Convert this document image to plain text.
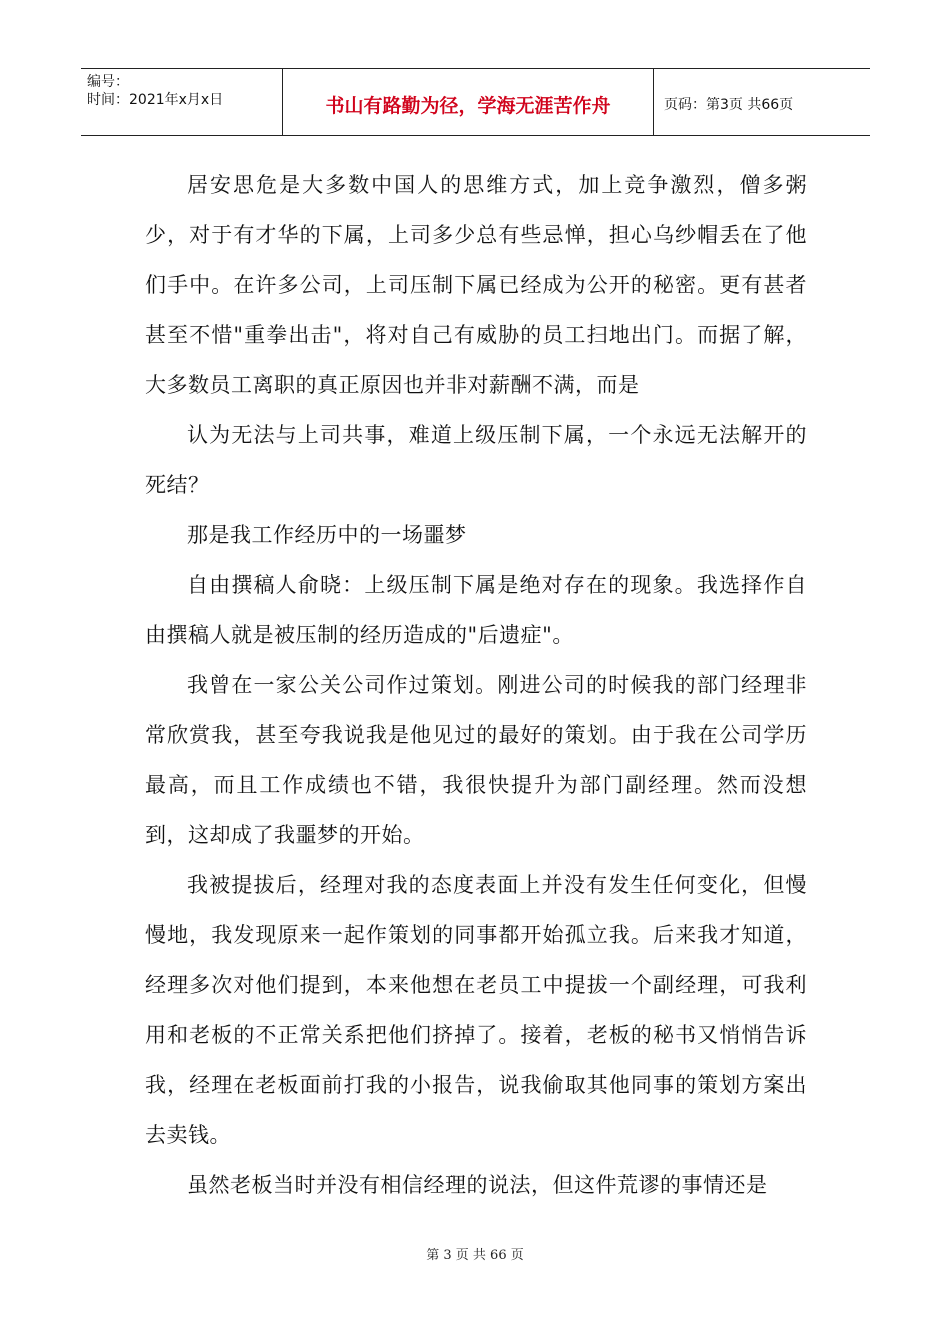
编号：
时间：2021年x月x日	书山有路勤为径，学海无涯苦作舟	页码：第3页 共66页

居安思危是大多数中国人的思维方式，加上竞争激烈，僧多粥少，对于有才华的下属，上司多少总有些忌惮，担心乌纱帽丢在了他们手中。在许多公司，上司压制下属已经成为公开的秘密。更有甚者甚至不惜"重拳出击"，将对自己有威胁的员工扫地出门。而据了解，大多数员工离职的真正原因也并非对薪酬不满，而是

认为无法与上司共事，难道上级压制下属，一个永远无法解开的死结？

那是我工作经历中的一场噩梦

自由撰稿人俞晓：上级压制下属是绝对存在的现象。我选择作自由撰稿人就是被压制的经历造成的"后遗症"。

我曾在一家公关公司作过策划。刚进公司的时候我的部门经理非常欣赏我，甚至夸我说我是他见过的最好的策划。由于我在公司学历最高，而且工作成绩也不错，我很快提升为部门副经理。然而没想到，这却成了我噩梦的开始。

我被提拔后，经理对我的态度表面上并没有发生任何变化，但慢慢地，我发现原来一起作策划的同事都开始孤立我。后来我才知道，经理多次对他们提到，本来他想在老员工中提拔一个副经理，可我利用和老板的不正常关系把他们挤掉了。接着，老板的秘书又悄悄告诉我，经理在老板面前打我的小报告，说我偷取其他同事的策划方案出去卖钱。

虽然老板当时并没有相信经理的说法，但这件荒谬的事情还是

第 3 页 共 66 页
